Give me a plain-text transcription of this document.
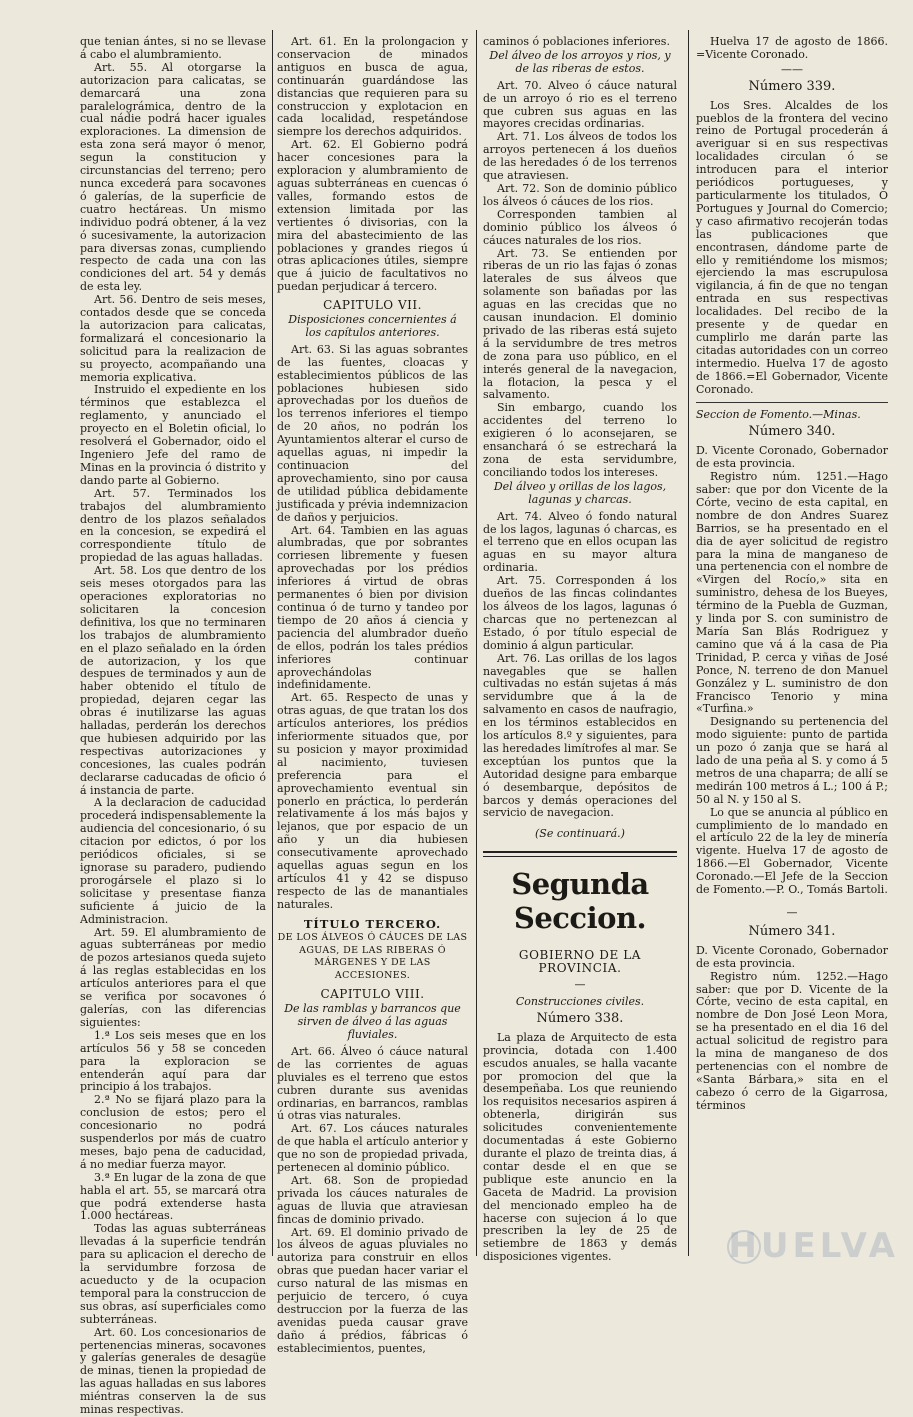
que tenian ántes, si no se llevase á cabo el alumbramiento.

Art. 55. Al otorgarse la autorizacion para calicatas, se demarcará una zona paralelográmica, dentro de la cual nádie podrá hacer iguales exploraciones. La dimension de esta zona será mayor ó menor, segun la constitucion y circunstancias del terreno; pero nunca excederá para socavones ó galerías, de la superficie de cuatro hectáreas. Un mismo individuo podrá obtener, á la vez ó sucesivamente, la autorizacion para diversas zonas, cumpliendo respecto de cada una con las condiciones del art. 54 y demás de esta ley.

Art. 56. Dentro de seis meses, contados desde que se conceda la autorizacion para calicatas, formalizará el concesionario la solicitud para la realizacion de su proyecto, acompañando una memoria explicativa.

Instruido el expediente en los términos que establezca el reglamento, y anunciado el proyecto en el Boletin oficial, lo resolverá el Gobernador, oido el Ingeniero Jefe del ramo de Minas en la provincia ó distrito y dando parte al Gobierno.

Art. 57. Terminados los trabajos del alumbramiento dentro de los plazos señalados en la concesion, se expedirá el correspondiente título de propiedad de las aguas halladas.

Art. 58. Los que dentro de los seis meses otorgados para las operaciones exploratorias no solicitaren la concesion definitiva, los que no terminaren los trabajos de alumbramiento en el plazo señalado en la órden de autorizacion, y los que despues de terminados y aun de haber obtenido el título de propiedad, dejaren cegar las obras é inutilizarse las aguas halladas, perderán los derechos que hubiesen adquirido por las respectivas autorizaciones y concesiones, las cuales podrán declararse caducadas de oficio ó á instancia de parte.

A la declaracion de caducidad procederá indispensablemente la audiencia del concesionario, ó su citacion por edictos, ó por los periódicos oficiales, si se ignorase su paradero, pudiendo prorogársele el plazo si lo solicitase y presentase fianza suficiente á juicio de la Administracion.

Art. 59. El alumbramiento de aguas subterráneas por medio de pozos artesianos queda sujeto á las reglas establecidas en los artículos anteriores para el que se verifica por socavones ó galerías, con las diferencias siguientes:

1.ª Los seis meses que en los artículos 56 y 58 se conceden para la exploracion se entenderán aquí para dar principio á los trabajos.

2.ª No se fijará plazo para la conclusion de estos; pero el concesionario no podrá suspenderlos por más de cuatro meses, bajo pena de caducidad, á no mediar fuerza mayor.

3.ª En lugar de la zona de que habla el art. 55, se marcará otra que podrá extenderse hasta 1.000 hectáreas.

Todas las aguas subterráneas llevadas á la superficie tendrán para su aplicacion el derecho de la servidumbre forzosa de acueducto y de la ocupacion temporal para la construccion de sus obras, así superficiales como subterráneas.

Art. 60. Los concesionarios de pertenencias mineras, socavones y galerías generales de desagüe de minas, tienen la propiedad de las aguas halladas en sus labores miéntras conserven la de sus minas respectivas.

Art. 61. En la prolongacion y conservacion de minados antiguos en busca de agua, continuarán guardándose las distancias que requieren para su construccion y explotacion en cada localidad, respetándose siempre los derechos adquiridos.

Art. 62. El Gobierno podrá hacer concesiones para la exploracion y alumbramiento de aguas subterráneas en cuencas ó valles, formando estos de extension limitada por las vertientes ó divisorias, con la mira del abastecimiento de las poblaciones y grandes riegos ú otras aplicaciones útiles, siempre que á juicio de facultativos no puedan perjudicar á tercero.

CAPITULO VII.
Disposiciones concernientes á los capítulos anteriores.

Art. 63. Si las aguas sobrantes de las fuentes, cloacas y establecimientos públicos de las poblaciones hubiesen sido aprovechadas por los dueños de los terrenos inferiores el tiempo de 20 años, no podrán los Ayuntamientos alterar el curso de aquellas aguas, ni impedir la continuacion del aprovechamiento, sino por causa de utilidad pública debidamente justificada y prévia indemnizacion de daños y perjuicios.

Art. 64. Tambien en las aguas alumbradas, que por sobrantes corriesen libremente y fuesen aprovechadas por los prédios inferiores á virtud de obras permanentes ó bien por division continua ó de turno y tandeo por tiempo de 20 años á ciencia y paciencia del alumbrador dueño de ellos, podrán los tales prédios inferiores continuar aprovechándolas indefinidamente.

Art. 65. Respecto de unas y otras aguas, de que tratan los dos artículos anteriores, los prédios inferiormente situados que, por su posicion y mayor proximidad al nacimiento, tuviesen preferencia para el aprovechamiento eventual sin ponerlo en práctica, lo perderán relativamente á los más bajos y lejanos, que por espacio de un año y un dia hubiesen consecutivamente aprovechado aquellas aguas segun en los artículos 41 y 42 se dispuso respecto de las de manantiales naturales.

TÍTULO TERCERO.
DE LOS ÁLVEOS Ó CÁUCES DE LAS AGUAS, DE LAS RIBERAS Ó MÁRGENES Y DE LAS ACCESIONES.
CAPITULO VIII.
De las ramblas y barrancos que sirven de álveo á las aguas fluviales.

Art. 66. Álveo ó cáuce natural de las corrientes de aguas pluviales es el terreno que estos cubren durante sus avenidas ordinarias, en barrancos, ramblas ú otras vias naturales.

Art. 67. Los cáuces naturales de que habla el artículo anterior y que no son de propiedad privada, pertenecen al dominio público.

Art. 68. Son de propiedad privada los cáuces naturales de aguas de lluvia que atraviesan fincas de dominio privado.

Art. 69. El dominio privado de los álveos de aguas pluviales no autoriza para construir en ellos obras que puedan hacer variar el curso natural de las mismas en perjuicio de tercero, ó cuya destruccion por la fuerza de las avenidas pueda causar grave daño á prédios, fábricas ó establecimientos, puentes,

caminos ó poblaciones inferiores.

Del álveo de los arroyos y rios, y de las riberas de estos.

Art. 70. Alveo ó cáuce natural de un arroyo ó rio es el terreno que cubren sus aguas en las mayores crecidas ordinarias.

Art. 71. Los álveos de todos los arroyos pertenecen á los dueños de las heredades ó de los terrenos que atraviesen.

Art. 72. Son de dominio público los álveos ó cáuces de los rios.

Corresponden tambien al dominio público los álveos ó cáuces naturales de los rios.

Art. 73. Se entienden por riberas de un rio las fajas ó zonas laterales de sus álveos que solamente son bañadas por las aguas en las crecidas que no causan inundacion. El dominio privado de las riberas está sujeto á la servidumbre de tres metros de zona para uso público, en el interés general de la navegacion, la flotacion, la pesca y el salvamento.

Sin embargo, cuando los accidentes del terreno lo exigieren ó lo aconsejaren, se ensanchará ó se estrechará la zona de esta servidumbre, conciliando todos los intereses.

Del álveo y orillas de los lagos, lagunas y charcas.

Art. 74. Alveo ó fondo natural de los lagos, lagunas ó charcas, es el terreno que en ellos ocupan las aguas en su mayor altura ordinaria.

Art. 75. Corresponden á los dueños de las fincas colindantes los álveos de los lagos, lagunas ó charcas que no pertenezcan al Estado, ó por título especial de dominio á algun particular.

Art. 76. Las orillas de los lagos navegables que se hallen cultivadas no están sujetas á más servidumbre que á la de salvamento en casos de naufragio, en los términos establecidos en los artículos 8.º y siguientes, para las heredades limítrofes al mar. Se exceptúan los puntos que la Autoridad designe para embarque ó desembarque, depósitos de barcos y demás operaciones del servicio de navegacion.

(Se continuará.)
Segunda Seccion.
GOBIERNO DE LA PROVINCIA.
—
Construcciones civiles.
Número 338.

La plaza de Arquitecto de esta provincia, dotada con 1.400 escudos anuales, se halla vacante por promocion del que la desempeñaba. Los que reuniendo los requisitos necesarios aspiren á obtenerla, dirigirán sus solicitudes convenientemente documentadas á este Gobierno durante el plazo de treinta dias, á contar desde el en que se publique este anuncio en la Gaceta de Madrid. La provision del mencionado empleo ha de hacerse con sujecion á lo que prescriben la ley de 25 de setiembre de 1863 y demás disposiciones vigentes.

Huelva 17 de agosto de 1866. =Vicente Coronado.

——
Número 339.

Los Sres. Alcaldes de los pueblos de la frontera del vecino reino de Portugal procederán á averiguar si en sus respectivas localidades circulan ó se introducen para el interior periódicos portugueses, y particularmente los titulados, Ó Portugues y Journal do Comercio; y caso afirmativo recojerán todas las publicaciones que encontrasen, dándome parte de ello y remitiéndome los mismos; ejerciendo la mas escrupulosa vigilancia, á fin de que no tengan entrada en sus respectivas localidades. Del recibo de la presente y de quedar en cumplirlo me darán parte las citadas autoridades con un correo intermedio. Huelva 17 de agosto de 1866.=El Gobernador, Vicente Coronado.

Seccion de Fomento.—Minas.
Número 340.

D. Vicente Coronado, Gobernador de esta provincia.

Registro núm. 1251.—Hago saber: que por don Vicente de la Córte, vecino de esta capital, en nombre de don Andres Suarez Barrios, se ha presentado en el dia de ayer solicitud de registro para la mina de manganeso de una pertenencia con el nombre de «Virgen del Rocío,» sita en suministro, dehesa de los Bueyes, término de la Puebla de Guzman, y linda por S. con suministro de María San Blás Rodriguez y camino que vá á la casa de Pia Trinidad, P. cerca y viñas de José Ponce, N. terreno de don Manuel González y L. suministro de don Francisco Tenorio y mina «Turfina.»

Designando su pertenencia del modo siguiente: punto de partida un pozo ó zanja que se hará al lado de una peña al S. y como á 5 metros de una chaparra; de allí se medirán 100 metros á L.; 100 á P.; 50 al N. y 150 al S.

Lo que se anuncia al público en cumplimiento de lo mandado en el artículo 22 de la ley de minería vigente. Huelva 17 de agosto de 1866.—El Gobernador, Vicente Coronado.—El Jefe de la Seccion de Fomento.—P. O., Tomás Bartoli.

—
Número 341.

D. Vicente Coronado, Gobernador de esta provincia.

Registro núm. 1252.—Hago saber: que por D. Vicente de la Córte, vecino de esta capital, en nombre de Don José Leon Mora, se ha presentado en el dia 16 del actual solicitud de registro para la mina de manganeso de dos pertenencias con el nombre de «Santa Bárbara,» sita en el cabezo ó cerro de la Gigarrosa, términos

HUELVA
